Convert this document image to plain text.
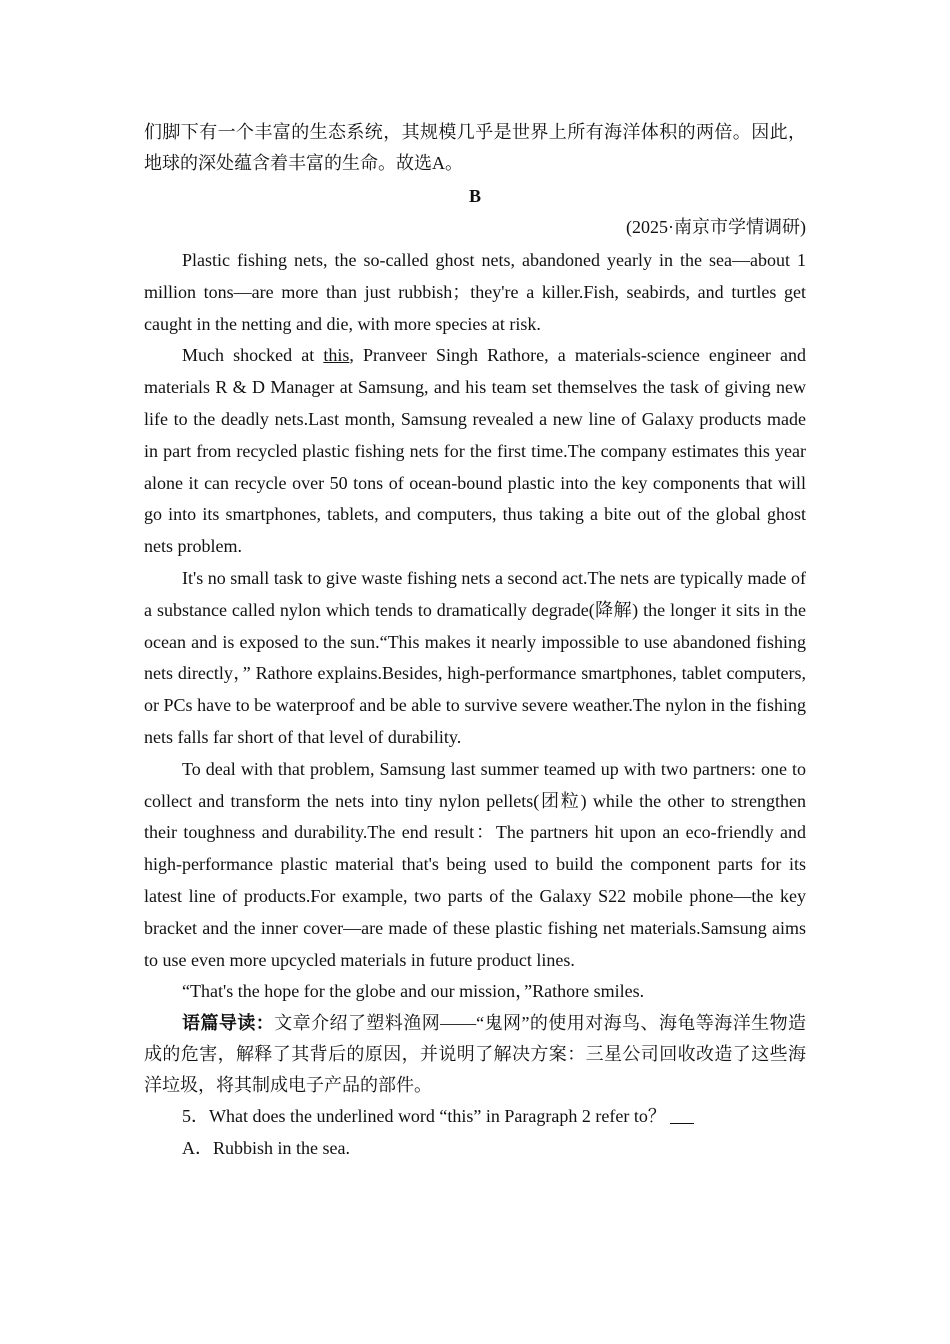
们脚下有一个丰富的生态系统，其规模几乎是世界上所有海洋体积的两倍。因此，地球的深处蕴含着丰富的生命。故选A。

B

(2025·南京市学情调研)

Plastic fishing nets, the so-called ghost nets, abandoned yearly in the sea—about 1 million tons—are more than just rubbish；they're a killer.Fish, seabirds, and turtles get caught in the netting and die, with more species at risk.

Much shocked at this, Pranveer Singh Rathore, a materials-science engineer and materials R & D Manager at Samsung, and his team set themselves the task of giving new life to the deadly nets.Last month, Samsung revealed a new line of Galaxy products made in part from recycled plastic fishing nets for the first time.The company estimates this year alone it can recycle over 50 tons of ocean-bound plastic into the key components that will go into its smartphones, tablets, and computers, thus taking a bite out of the global ghost nets problem.

It's no small task to give waste fishing nets a second act.The nets are typically made of a substance called nylon which tends to dramatically degrade(降解) the longer it sits in the ocean and is exposed to the sun.“This makes it nearly impossible to use abandoned fishing nets directly，” Rathore explains.Besides, high-performance smartphones, tablet computers, or PCs have to be waterproof and be able to survive severe weather.The nylon in the fishing nets falls far short of that level of durability.

To deal with that problem, Samsung last summer teamed up with two partners: one to collect and transform the nets into tiny nylon pellets(团粒) while the other to strengthen their toughness and durability.The end result：The partners hit upon an eco-friendly and high-performance plastic material that's being used to build the component parts for its latest line of products.For example, two parts of the Galaxy S22 mobile phone—the key bracket and the inner cover—are made of these plastic fishing net materials.Samsung aims to use even more upcycled materials in future product lines.

“That's the hope for the globe and our mission，”Rathore smiles.

语篇导读：文章介绍了塑料渔网——“鬼网”的使用对海鸟、海龟等海洋生物造成的危害，解释了其背后的原因，并说明了解决方案：三星公司回收改造了这些海洋垃圾，将其制成电子产品的部件。

5．What does the underlined word “this” in Paragraph 2 refer to？

A．Rubbish in the sea.
